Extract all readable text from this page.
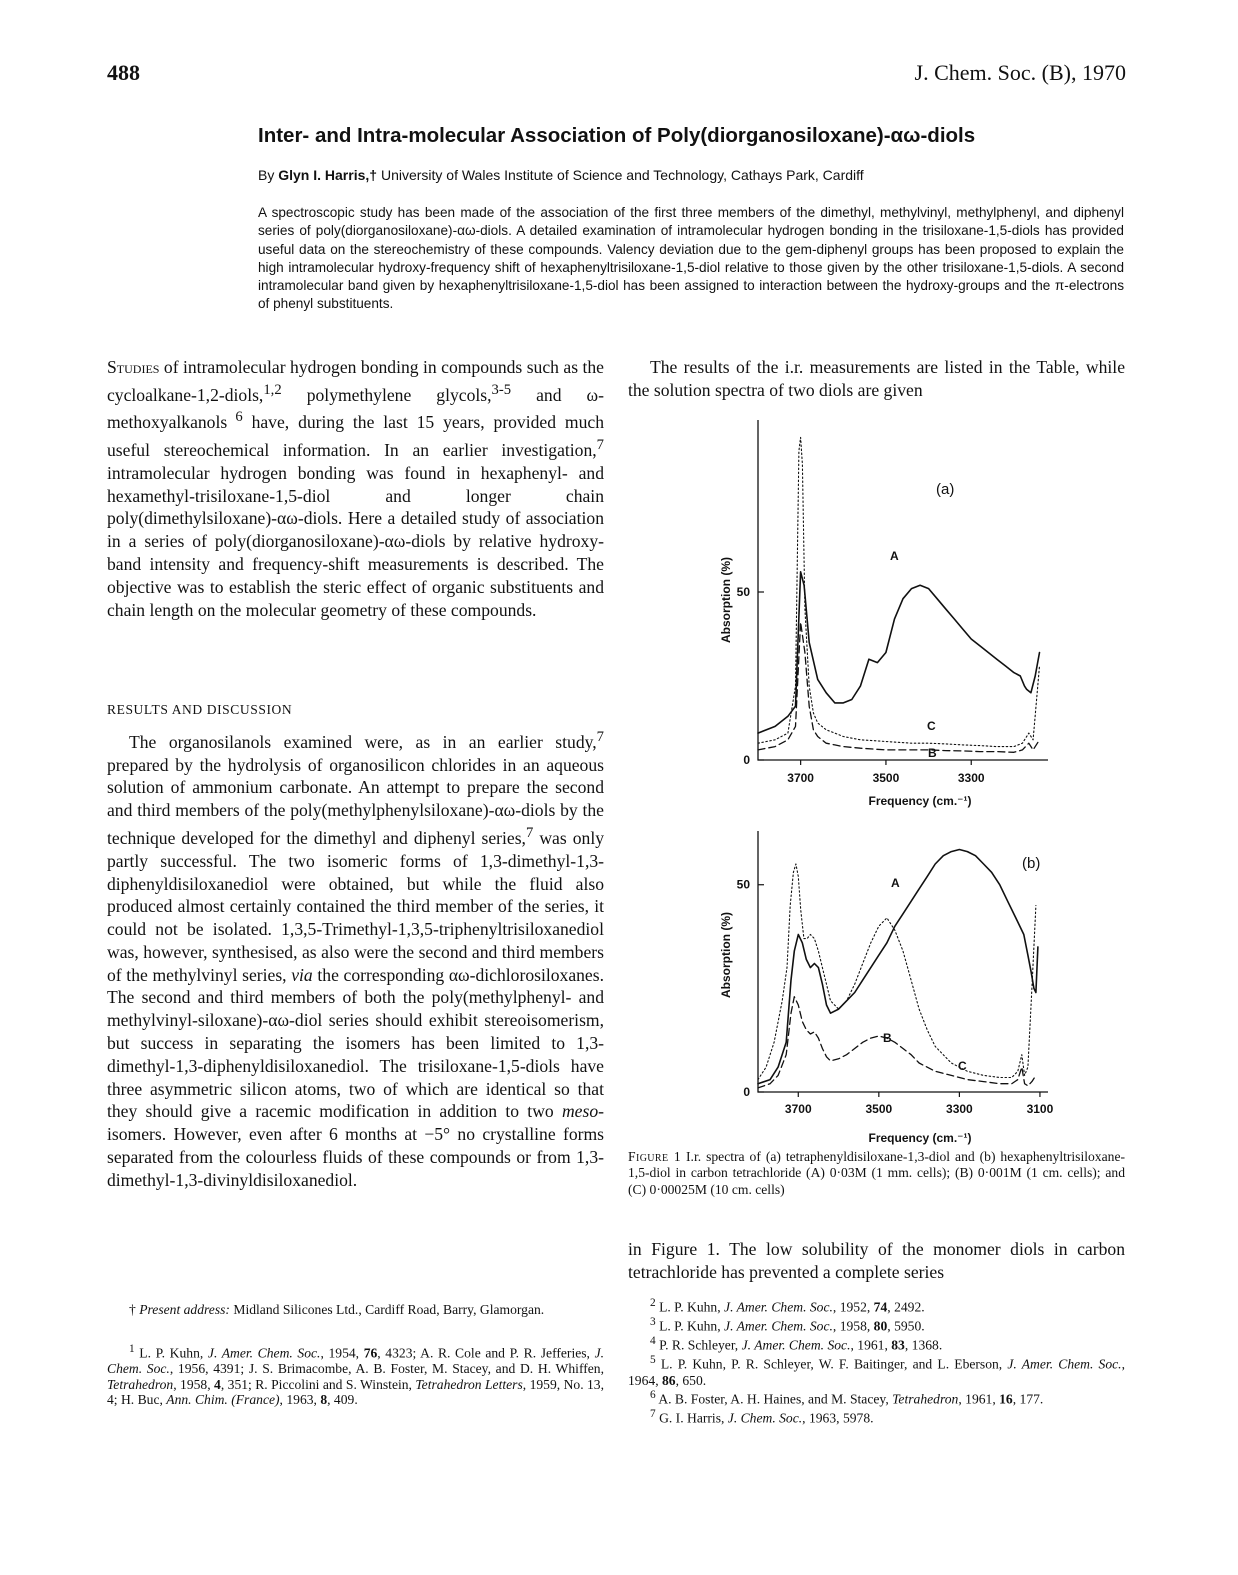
488	J. Chem. Soc. (B), 1970
Inter- and Intra-molecular Association of Poly(diorganosiloxane)-αω-diols
By Glyn I. Harris,† University of Wales Institute of Science and Technology, Cathays Park, Cardiff
A spectroscopic study has been made of the association of the first three members of the dimethyl, methylvinyl, methylphenyl, and diphenyl series of poly(diorganosiloxane)-αω-diols. A detailed examination of intramolecular hydrogen bonding in the trisiloxane-1,5-diols has provided useful data on the stereochemistry of these compounds. Valency deviation due to the gem-diphenyl groups has been proposed to explain the high intramolecular hydroxy-frequency shift of hexaphenyltrisiloxane-1,5-diol relative to those given by the other trisiloxane-1,5-diols. A second intramolecular band given by hexaphenyltrisiloxane-1,5-diol has been assigned to interaction between the hydroxy-groups and the π-electrons of phenyl substituents.

Studies of intramolecular hydrogen bonding in compounds such as the cycloalkane-1,2-diols,$^{1,2}$ polymethylene glycols,$^{3-5}$ and ω-methoxyalkanols $^6$ have, during the last 15 years, provided much useful stereochemical information. In an earlier investigation,$^7$ intramolecular hydrogen bonding was found in hexaphenyl- and hexamethyl-trisiloxane-1,5-diol and longer chain poly(dimethylsiloxane)-αω-diols. Here a detailed study of association in a series of poly(diorganosiloxane)-αω-diols by relative hydroxy-band intensity and frequency-shift measurements is described. The objective was to establish the steric effect of organic substituents and chain length on the molecular geometry of these compounds.

RESULTS AND DISCUSSION

The organosilanols examined were, as in an earlier study,$^7$ prepared by the hydrolysis of organosilicon chlorides in an aqueous solution of ammonium carbonate. An attempt to prepare the second and third members of the poly(methylphenylsiloxane)-αω-diols by the technique developed for the dimethyl and diphenyl series,$^7$ was only partly successful. The two isomeric forms of 1,3-dimethyl-1,3-diphenyldisiloxanediol were obtained, but while the fluid also produced almost certainly contained the third member of the series, it could not be isolated. 1,3,5-Trimethyl-1,3,5-triphenyltrisiloxanediol was, however, synthesised, as also were the second and third members of the methylvinyl series, via the corresponding αω-dichlorosiloxanes. The second and third members of both the poly(methylphenyl- and methylvinyl-siloxane)-αω-diol series should exhibit stereoisomerism, but success in separating the isomers has been limited to 1,3-dimethyl-1,3-diphenyldisiloxanediol. The trisiloxane-1,5-diols have three asymmetric silicon atoms, two of which are identical so that they should give a racemic modification in addition to two meso-isomers. However, even after 6 months at −5° no crystalline forms separated from the colourless fluids of these compounds or from 1,3-dimethyl-1,3-divinyldisiloxanediol.

† Present address: Midland Silicones Ltd., Cardiff Road, Barry, Glamorgan.

$^1$ L. P. Kuhn, J. Amer. Chem. Soc., 1954, 76, 4323; A. R. Cole and P. R. Jefferies, J. Chem. Soc., 1956, 4391; J. S. Brimacombe, A. B. Foster, M. Stacey, and D. H. Whiffen, Tetrahedron, 1958, 4, 351; R. Piccolini and S. Winstein, Tetrahedron Letters, 1959, No. 13, 4; H. Buc, Ann. Chim. (France), 1963, 8, 409.

The results of the i.r. measurements are listed in the Table, while the solution spectra of two diols are given
0
50
3700	3500	3300
Frequency (cm.⁻¹)
Absorption (%)
(a)
A
B
C
0
50
3700	3500	3300	3100
Frequency (cm.⁻¹)
Absorption (%)
(b)
A
B
C
Figure 1 I.r. spectra of (a) tetraphenyldisiloxane-1,3-diol and (b) hexaphenyltrisiloxane-1,5-diol in carbon tetrachloride (A) 0·03M (1 mm. cells); (B) 0·001M (1 cm. cells); and (C) 0·00025M (10 cm. cells)
in Figure 1. The low solubility of the monomer diols in carbon tetrachloride has prevented a complete series

$^2$ L. P. Kuhn, J. Amer. Chem. Soc., 1952, 74, 2492.

$^3$ L. P. Kuhn, J. Amer. Chem. Soc., 1958, 80, 5950.

$^4$ P. R. Schleyer, J. Amer. Chem. Soc., 1961, 83, 1368.

$^5$ L. P. Kuhn, P. R. Schleyer, W. F. Baitinger, and L. Eberson, J. Amer. Chem. Soc., 1964, 86, 650.

$^6$ A. B. Foster, A. H. Haines, and M. Stacey, Tetrahedron, 1961, 16, 177.

$^7$ G. I. Harris, J. Chem. Soc., 1963, 5978.
